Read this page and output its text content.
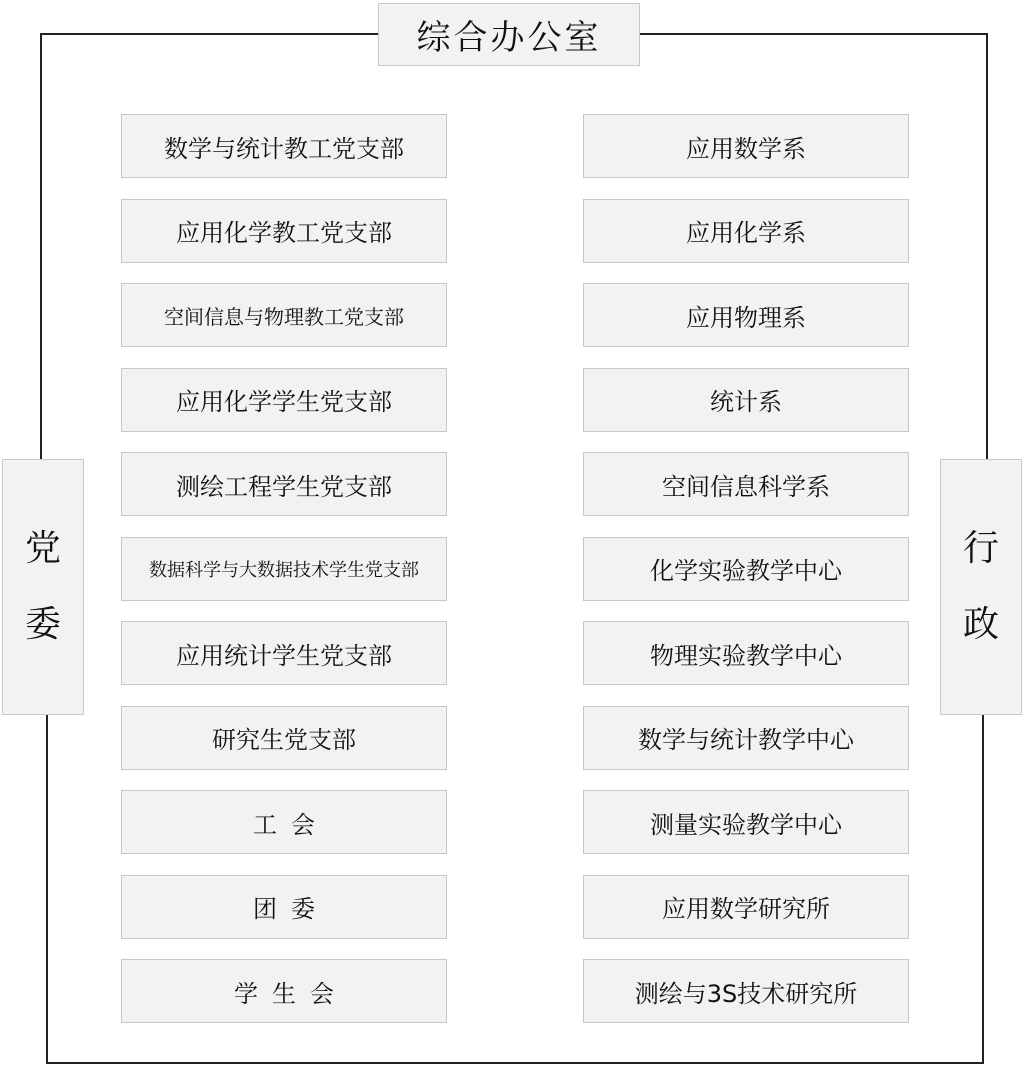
综合办公室
党
委
行
政
数学与统计教工党支部
应用化学教工党支部
空间信息与物理教工党支部
应用化学学生党支部
测绘工程学生党支部
数据科学与大数据技术学生党支部
应用统计学生党支部
研究生党支部
工会
团委
学生会
应用数学系
应用化学系
应用物理系
统计系
空间信息科学系
化学实验教学中心
物理实验教学中心
数学与统计教学中心
测量实验教学中心
应用数学研究所
测绘与3S技术研究所
